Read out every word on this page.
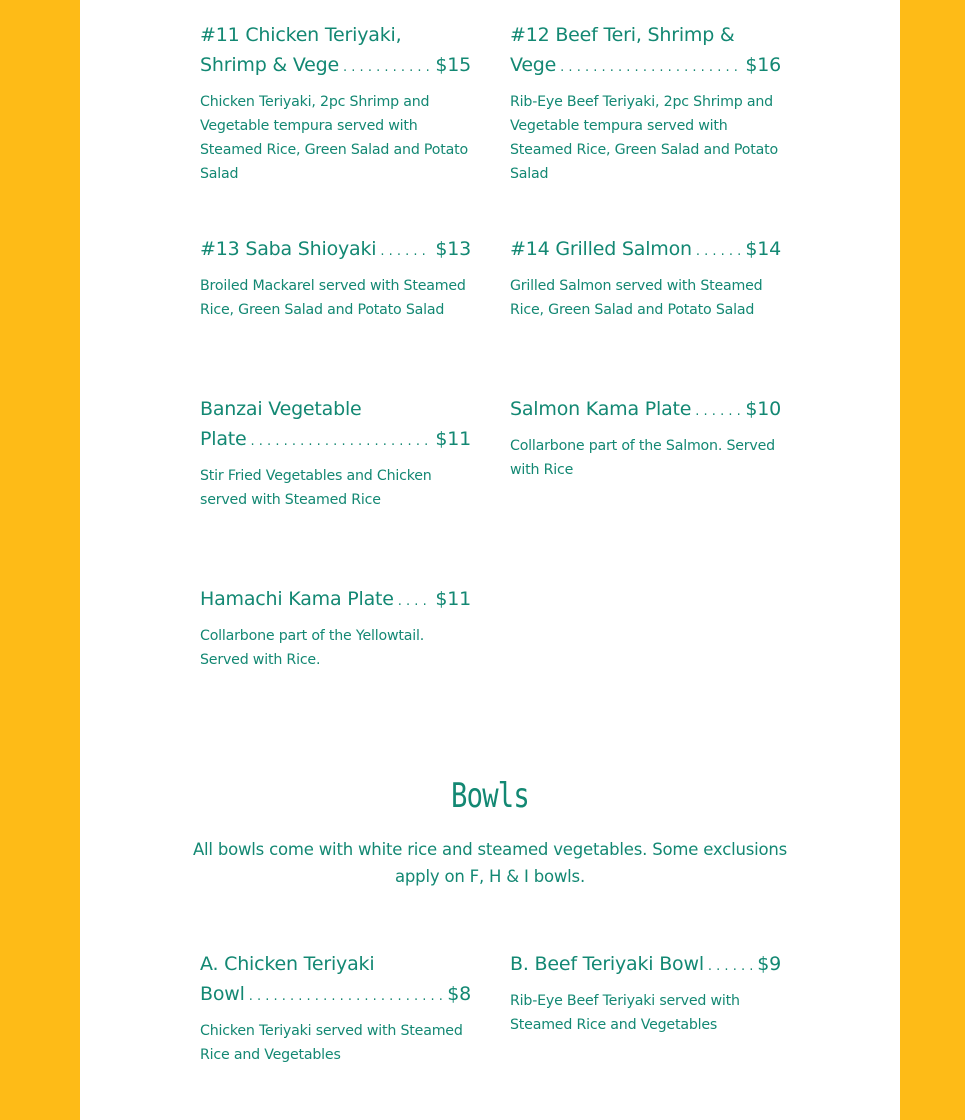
#11 Chicken Teriyaki,
Shrimp & Vege . . .	$15
Chicken Teriyaki, 2pc Shrimp and Vegetable tempura served with Steamed Rice, Green Salad and Potato Salad
#12 Beef Teri, Shrimp &
Vege . . .	$16
Rib-Eye Beef Teriyaki, 2pc Shrimp and Vegetable tempura served with Steamed Rice, Green Salad and Potato Salad
#13 Saba Shioyaki . . .	$13
Broiled Mackarel served with Steamed Rice, Green Salad and Potato Salad
#14 Grilled Salmon . . .	$14
Grilled Salmon served with Steamed Rice, Green Salad and Potato Salad
Banzai Vegetable
Plate . . .	$11
Stir Fried Vegetables and Chicken served with Steamed Rice
Salmon Kama Plate . . .	$10
Collarbone part of the Salmon. Served with Rice
Hamachi Kama Plate . . . $11
Collarbone part of the Yellowtail. Served with Rice.
Bowls
All bowls come with white rice and steamed vegetables. Some exclusions apply on F, H & I bowls.
A. Chicken Teriyaki
Bowl . . .	$8
Chicken Teriyaki served with Steamed Rice and Vegetables
B. Beef Teriyaki Bowl . . .	$9
Rib-Eye Beef Teriyaki served with Steamed Rice and Vegetables
